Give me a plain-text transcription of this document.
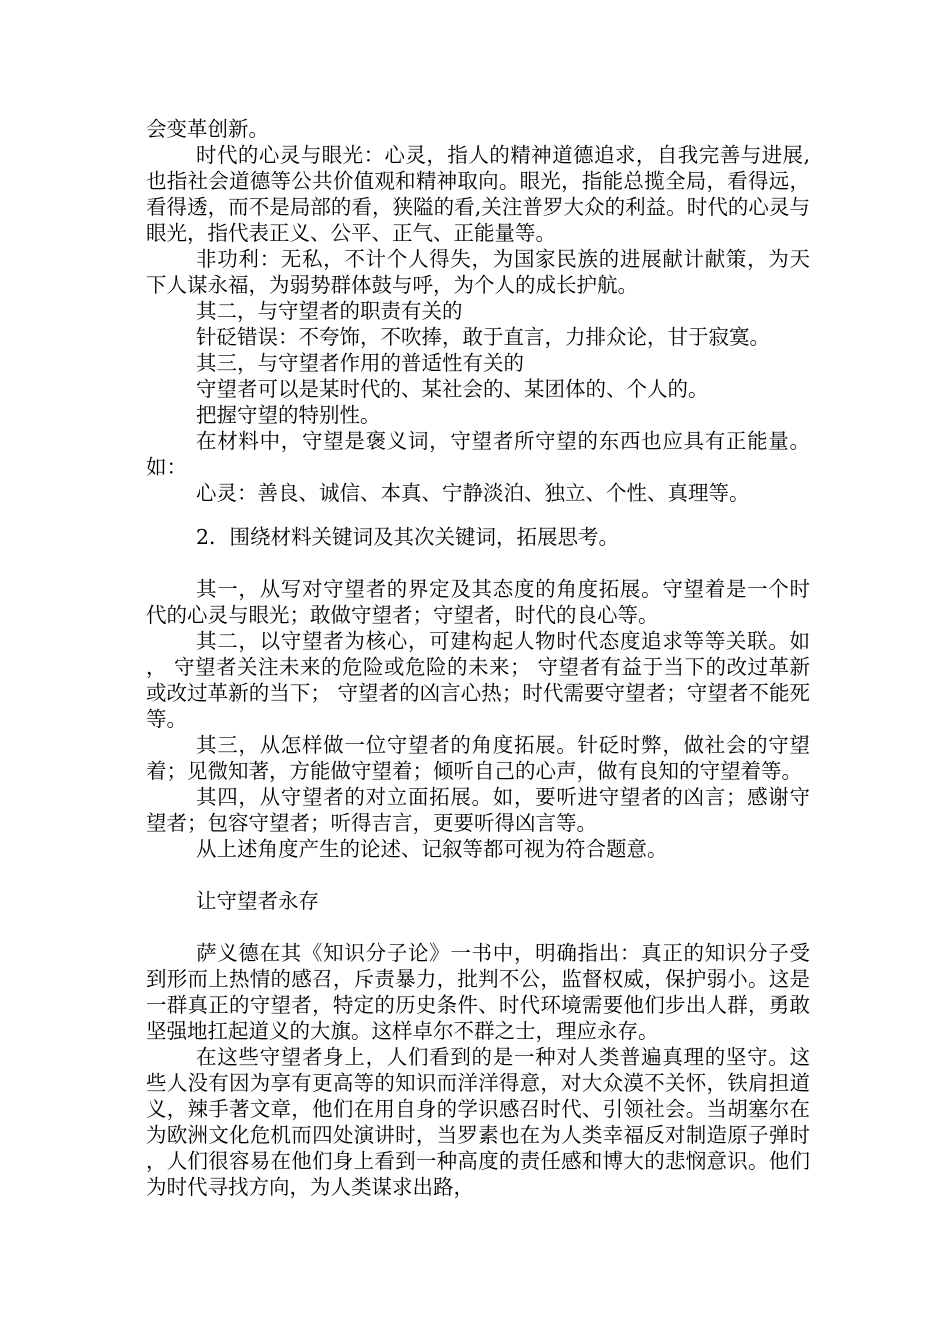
会变革创新。

时代的心灵与眼光：心灵，指人的精神道德追求，自我完善与进展,也指社会道德等公共价值观和精神取向。眼光，指能总揽全局，看得远，看得透，而不是局部的看，狭隘的看,关注普罗大众的利益。时代的心灵与眼光，指代表正义、公平、正气、正能量等。

非功利：无私，不计个人得失，为国家民族的进展献计献策，为天下人谋永福，为弱势群体鼓与呼，为个人的成长护航。

其二，与守望者的职责有关的

针砭错误：不夸饰，不吹捧，敢于直言，力排众论，甘于寂寞。

其三，与守望者作用的普适性有关的

守望者可以是某时代的、某社会的、某团体的、个人的。

把握守望的特别性。

在材料中，守望是褒义词，守望者所守望的东西也应具有正能量。如：

心灵：善良、诚信、本真、宁静淡泊、独立、个性、真理等。

2．围绕材料关键词及其次关键词，拓展思考。

其一，从写对守望者的界定及其态度的角度拓展。守望着是一个时代的心灵与眼光；敢做守望者；守望者，时代的良心等。

其二，以守望者为核心，可建构起人物时代态度追求等等关联。如， 守望者关注未来的危险或危险的未来； 守望者有益于当下的改过革新或改过革新的当下； 守望者的凶言心热；时代需要守望者；守望者不能死等。

其三，从怎样做一位守望者的角度拓展。针砭时弊，做社会的守望着；见微知著，方能做守望着；倾听自己的心声，做有良知的守望着等。

其四，从守望者的对立面拓展。如，要听进守望者的凶言；感谢守望者；包容守望者；听得吉言，更要听得凶言等。

从上述角度产生的论述、记叙等都可视为符合题意。

让守望者永存

萨义德在其《知识分子论》一书中，明确指出：真正的知识分子受到形而上热情的感召，斥责暴力，批判不公，监督权威，保护弱小。这是一群真正的守望者，特定的历史条件、时代环境需要他们步出人群，勇敢坚强地扛起道义的大旗。这样卓尔不群之士，理应永存。

在这些守望者身上，人们看到的是一种对人类普遍真理的坚守。这些人没有因为享有更高等的知识而洋洋得意，对大众漠不关怀，铁肩担道义，辣手著文章，他们在用自身的学识感召时代、引领社会。当胡塞尔在为欧洲文化危机而四处演讲时，当罗素也在为人类幸福反对制造原子弹时，人们很容易在他们身上看到一种高度的责任感和博大的悲悯意识。他们为时代寻找方向，为人类谋求出路，
